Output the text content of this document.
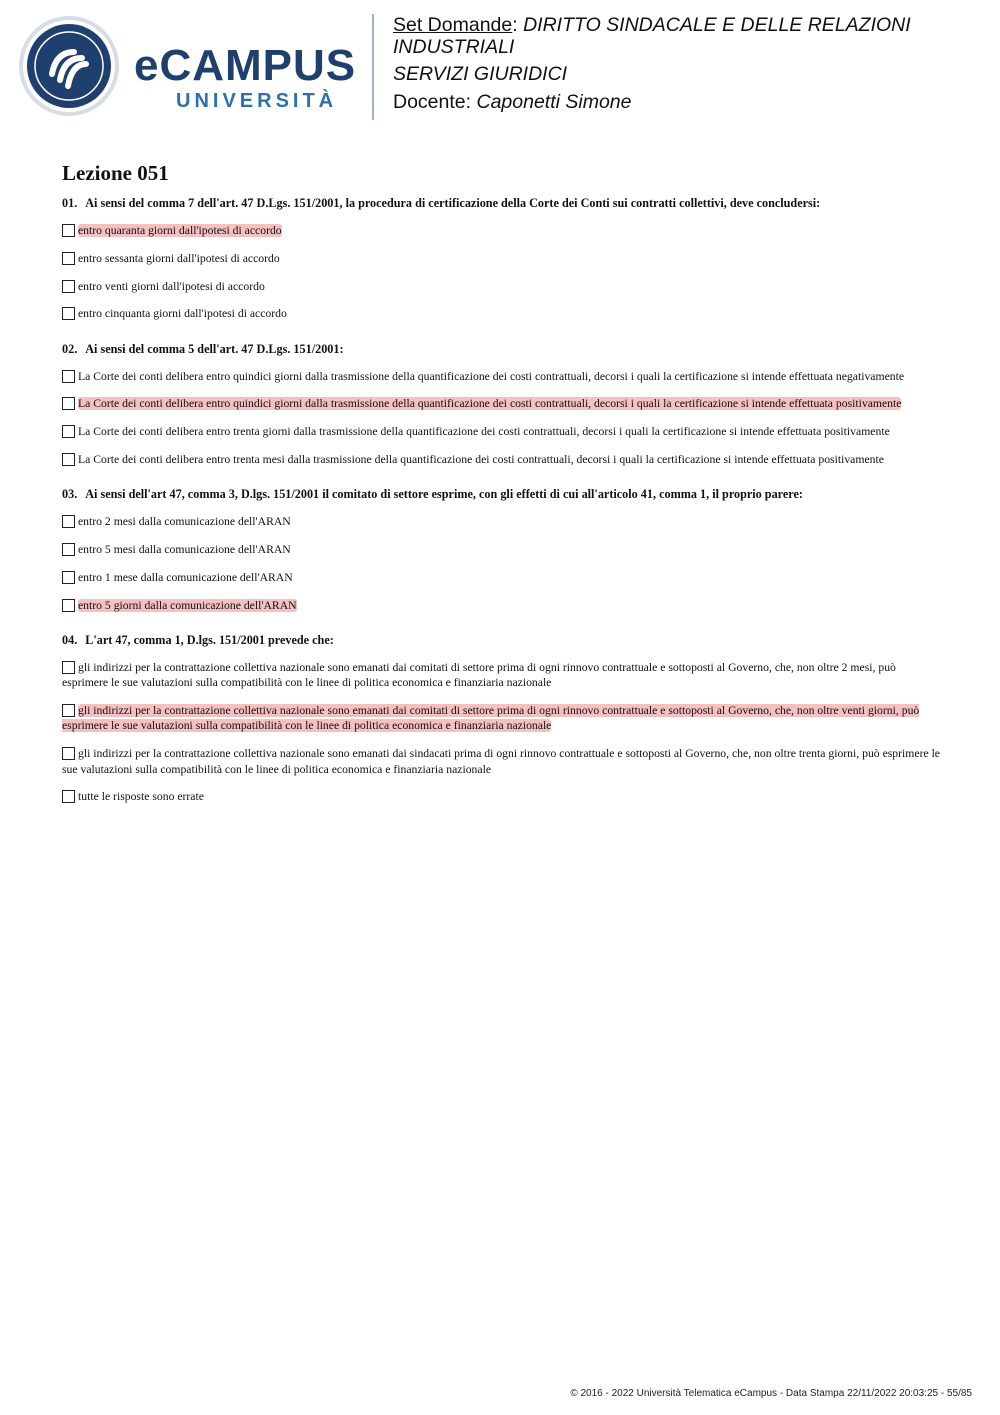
eCAMPUS
UNIVERSITÀ
Set Domande: DIRITTO SINDACALE E DELLE RELAZIONI INDUSTRIALI
SERVIZI GIURIDICI
Docente: Caponetti Simone
Lezione 051
01. Ai sensi del comma 7 dell'art. 47 D.Lgs. 151/2001, la procedura di certificazione della Corte dei Conti sui contratti collettivi, deve concludersi:
entro quaranta giorni dall'ipotesi di accordo
entro sessanta giorni dall'ipotesi di accordo
entro venti giorni dall'ipotesi di accordo
entro cinquanta giorni dall'ipotesi di accordo
02. Ai sensi del comma 5 dell'art. 47 D.Lgs. 151/2001:
La Corte dei conti delibera entro quindici giorni dalla trasmissione della quantificazione dei costi contrattuali, decorsi i quali la certificazione si intende effettuata negativamente
La Corte dei conti delibera entro quindici giorni dalla trasmissione della quantificazione dei costi contrattuali, decorsi i quali la certificazione si intende effettuata positivamente
La Corte dei conti delibera entro trenta giorni dalla trasmissione della quantificazione dei costi contrattuali, decorsi i quali la certificazione si intende effettuata positivamente
La Corte dei conti delibera entro trenta mesi dalla trasmissione della quantificazione dei costi contrattuali, decorsi i quali la certificazione si intende effettuata positivamente
03. Ai sensi dell'art 47, comma 3, D.lgs. 151/2001 il comitato di settore esprime, con gli effetti di cui all'articolo 41, comma 1, il proprio parere:
entro 2 mesi dalla comunicazione dell'ARAN
entro 5 mesi dalla comunicazione dell'ARAN
entro 1 mese dalla comunicazione dell'ARAN
entro 5 giorni dalla comunicazione dell'ARAN
04. L'art 47, comma 1, D.lgs. 151/2001 prevede che:
gli indirizzi per la contrattazione collettiva nazionale sono emanati dai comitati di settore prima di ogni rinnovo contrattuale e sottoposti al Governo, che, non oltre 2 mesi, può esprimere le sue valutazioni sulla compatibilità con le linee di politica economica e finanziaria nazionale
gli indirizzi per la contrattazione collettiva nazionale sono emanati dai comitati di settore prima di ogni rinnovo contrattuale e sottoposti al Governo, che, non oltre venti giorni, può esprimere le sue valutazioni sulla compatibilità con le linee di politica economica e finanziaria nazionale
gli indirizzi per la contrattazione collettiva nazionale sono emanati dai sindacati prima di ogni rinnovo contrattuale e sottoposti al Governo, che, non oltre trenta giorni, può esprimere le sue valutazioni sulla compatibilità con le linee di politica economica e finanziaria nazionale
tutte le risposte sono errate
© 2016 - 2022 Università Telematica eCampus - Data Stampa 22/11/2022 20:03:25 - 55/85
